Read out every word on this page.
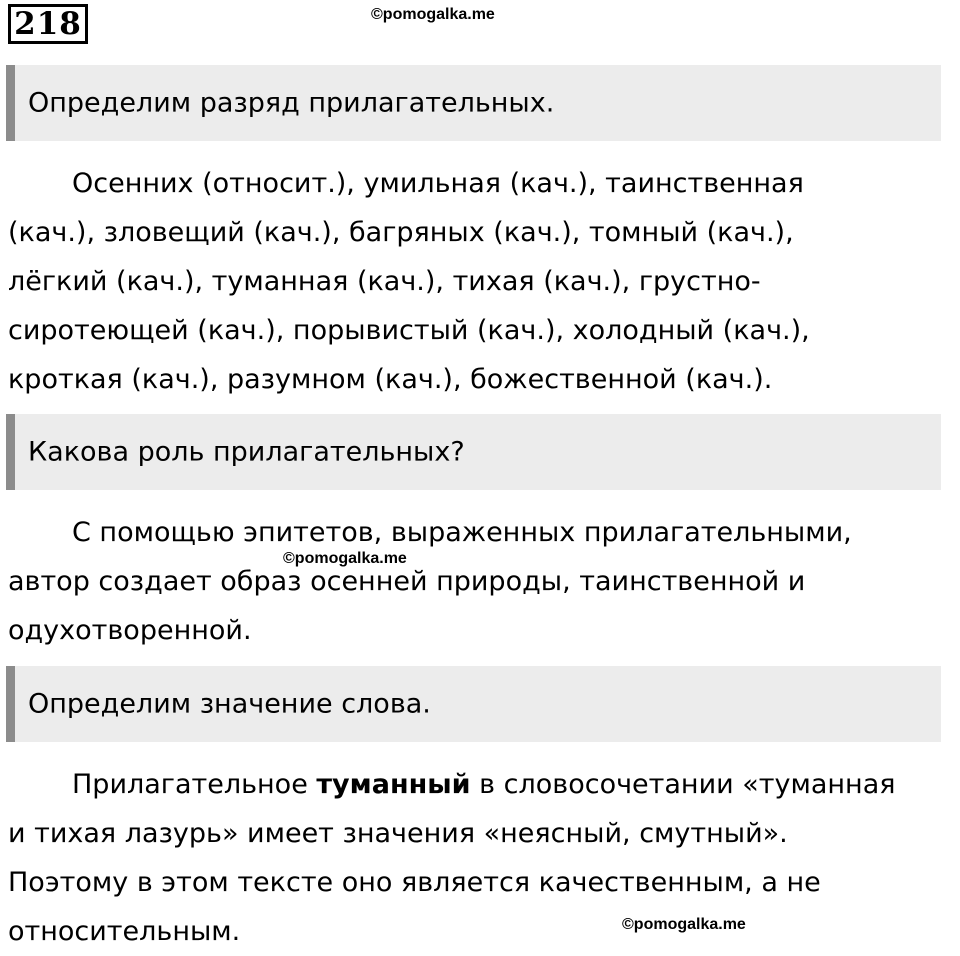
218	©pomogalka.me
Определим разряд прилагательных.
Осенних (относит.), умильная (кач.), таинственная
(кач.), зловещий (кач.), багряных (кач.), томный (кач.),
лёгкий (кач.), туманная (кач.), тихая (кач.), грустно-
сиротеющей (кач.), порывистый (кач.), холодный (кач.),
кроткая (кач.), разумном (кач.), божественной (кач.).
Какова роль прилагательных?
С помощью эпитетов, выраженных прилагательными,
автор создает образ осенней природы, таинственной и
одухотворенной.
©pomogalka.me
Определим значение слова.
Прилагательное туманный в словосочетании «туманная
и тихая лазурь» имеет значения «неясный, смутный».
Поэтому в этом тексте оно является качественным, а не
относительным.	©pomogalka.me
